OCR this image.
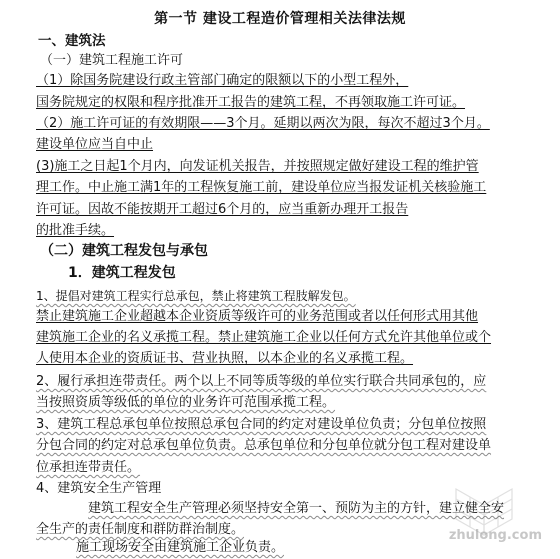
第一节 建设工程造价管理相关法律法规
一、建筑法
（一）建筑工程施工许可
（1）除国务院建设行政主管部门确定的限额以下的小型工程外，
国务院规定的权限和程序批准开工报告的建筑工程，不再领取施工许可证。
（2）施工许可证的有效期限——3个月。延期以两次为限，每次不超过3个月。
建设单位应当自中止
(3)施工之日起1个月内，向发证机关报告，并按照规定做好建设工程的维护管
理工作。中止施工满1年的工程恢复施工前，建设单位应当报发证机关核验施工
许可证。因故不能按期开工超过6个月的，应当重新办理开工报告
的批准手续。
（二）建筑工程发包与承包
1．建筑工程发包
1、提倡对建筑工程实行总承包，禁止将建筑工程肢解发包。
禁止建筑施工企业超越本企业资质等级许可的业务范围或者以任何形式用其他
建筑施工企业的名义承揽工程。禁止建筑施工企业以任何方式允许其他单位或个
人使用本企业的资质证书、营业执照，以本企业的名义承揽工程。
2、履行承担连带责任。两个以上不同等质等级的单位实行联合共同承包的，应
当按照资质等级低的单位的业务许可范围承揽工程。
3、建筑工程总承包单位按照总承包合同的约定对建设单位负责；分包单位按照
分包合同的约定对总承包单位负责。总承包单位和分包单位就分包工程对建设单
位承担连带责任。
4、建筑安全生产管理
建筑工程安全生产管理必须坚持安全第一、预防为主的方针，建立健全安
全生产的责任制度和群防群治制度。
施工现场安全由建筑施工企业负责。
zhulong.com
